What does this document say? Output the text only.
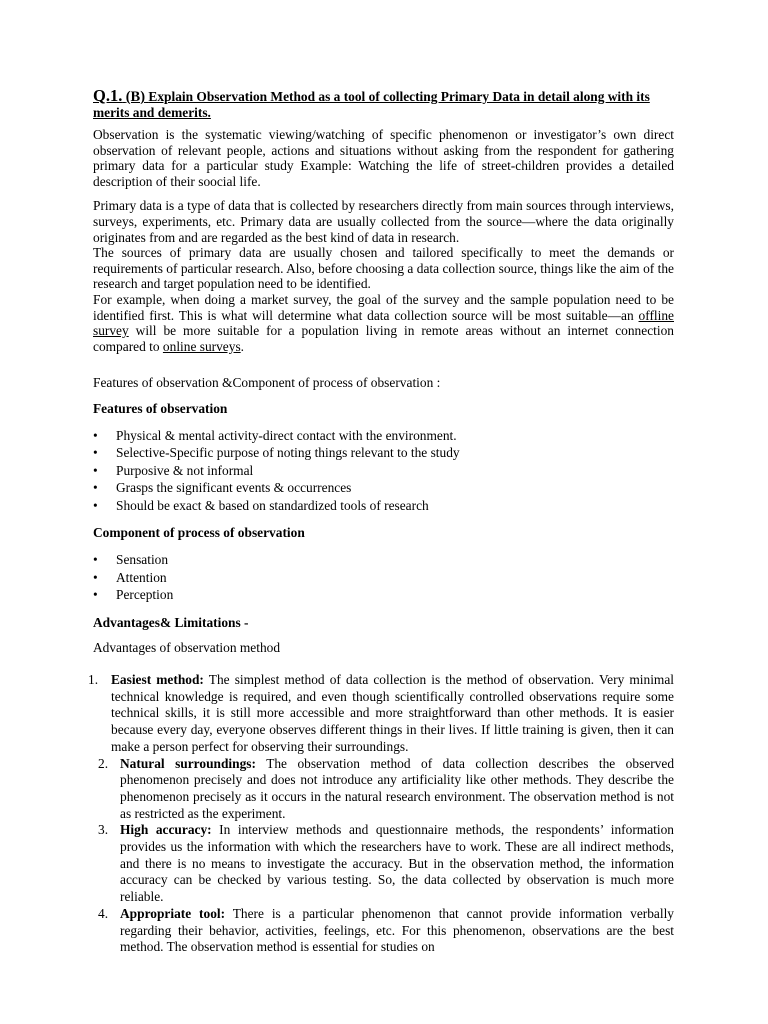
Q.1. (B) Explain Observation Method as a tool of collecting Primary Data in detail along with its merits and demerits.

Observation is the systematic viewing/watching of specific phenomenon or investigator’s own direct observation of relevant people, actions and situations without asking from the respondent for gathering primary data for a particular study Example: Watching the life of street-children provides a detailed description of their soocial life.

Primary data is a type of data that is collected by researchers directly from main sources through interviews, surveys, experiments, etc. Primary data are usually collected from the source—where the data originally originates from and are regarded as the best kind of data in research.

The sources of primary data are usually chosen and tailored specifically to meet the demands or requirements of particular research. Also, before choosing a data collection source, things like the aim of the research and target population need to be identified.

For example, when doing a market survey, the goal of the survey and the sample population need to be identified first. This is what will determine what data collection source will be most suitable—an offline survey will be more suitable for a population living in remote areas without an internet connection compared to online surveys.

Features of observation &Component of process of observation :

Features of observation
• Physical & mental activity-direct contact with the environment.
• Selective-Specific purpose of noting things relevant to the study
• Purposive & not informal
• Grasps the significant events & occurrences
• Should be exact & based on standardized tools of research
Component of process of observation
• Sensation
• Attention
• Perception
Advantages& Limitations -

Advantages of observation method

1. Easiest method: The simplest method of data collection is the method of observation. Very minimal technical knowledge is required, and even though scientifically controlled observations require some technical skills, it is still more accessible and more straightforward than other methods. It is easier because every day, everyone observes different things in their lives. If little training is given, then it can make a person perfect for observing their surroundings.
2. Natural surroundings: The observation method of data collection describes the observed phenomenon precisely and does not introduce any artificiality like other methods. They describe the phenomenon precisely as it occurs in the natural research environment. The observation method is not as restricted as the experiment.
3. High accuracy: In interview methods and questionnaire methods, the respondents’ information provides us the information with which the researchers have to work. These are all indirect methods, and there is no means to investigate the accuracy. But in the observation method, the information accuracy can be checked by various testing. So, the data collected by observation is much more reliable.
4. Appropriate tool: There is a particular phenomenon that cannot provide information verbally regarding their behavior, activities, feelings, etc. For this phenomenon, observations are the best method. The observation method is essential for studies on
